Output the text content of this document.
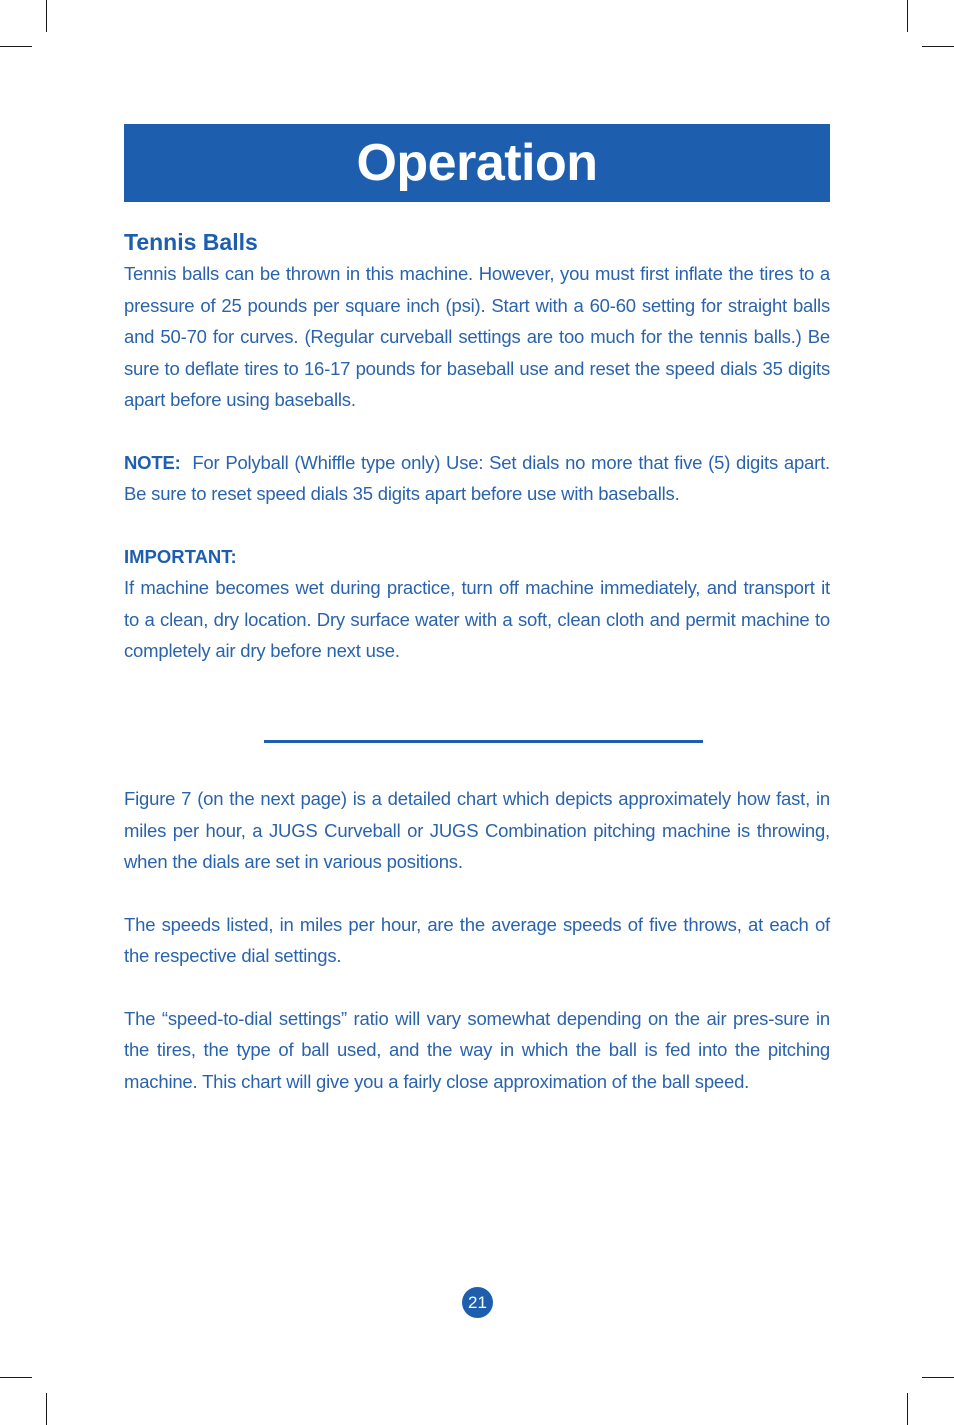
Operation
Tennis Balls

Tennis balls can be thrown in this machine. However, you must first inflate the tires to a pressure of 25 pounds per square inch (psi). Start with a 60-60 setting for straight balls and 50-70 for curves. (Regular curveball settings are too much for the tennis balls.) Be sure to deflate tires to 16-17 pounds for baseball use and reset the speed dials 35 digits apart before using baseballs.

NOTE: For Polyball (Whiffle type only) Use: Set dials no more that five (5) digits apart. Be sure to reset speed dials 35 digits apart before use with baseballs.

IMPORTANT:

If machine becomes wet during practice, turn off machine immediately, and transport it to a clean, dry location. Dry surface water with a soft, clean cloth and permit machine to completely air dry before next use.

Figure 7 (on the next page) is a detailed chart which depicts approximately how fast, in miles per hour, a JUGS Curveball or JUGS Combination pitching machine is throwing, when the dials are set in various positions.

The speeds listed, in miles per hour, are the average speeds of five throws, at each of the respective dial settings.

The “speed-to-dial settings” ratio will vary somewhat depending on the air pres-sure in the tires, the type of ball used, and the way in which the ball is fed into the pitching machine. This chart will give you a fairly close approximation of the ball speed.

21
